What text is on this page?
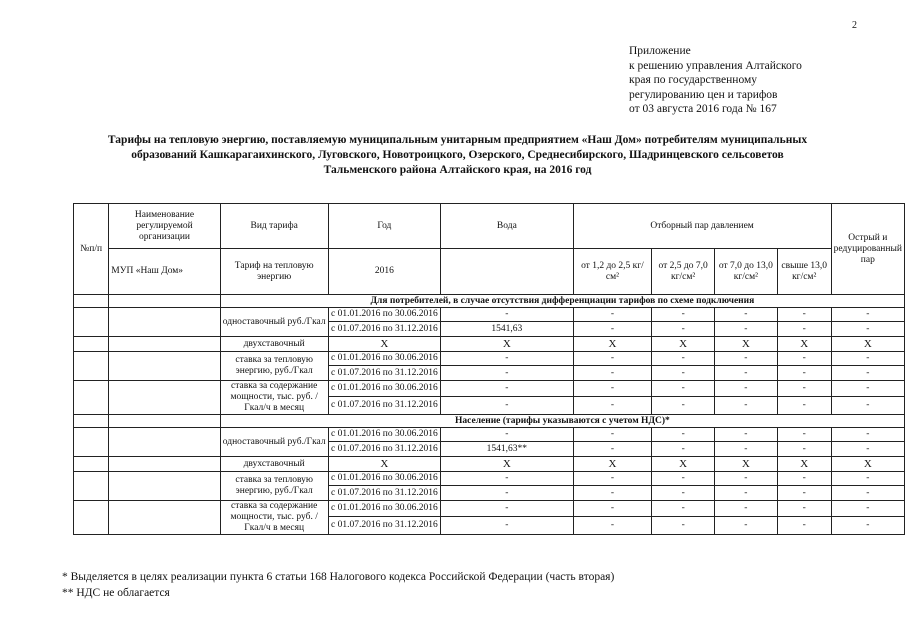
2
Приложение
к решению управления Алтайского
края по государственному
регулированию цен и тарифов
от 03 августа 2016 года № 167
Тарифы на тепловую энергию, поставляемую муниципальным унитарным предприятием «Наш Дом» потребителям муниципальных
образований Кашкарагаихинского, Луговского, Новотроицкого, Озерского, Среднесибирского, Шадринцевского сельсоветов
Тальменского района Алтайского края, на 2016 год
№п/п	Наименование регулируемой организации	Вид тарифа	Год	Вода	Отборный пар давлением				Острый и редуцированный пар
	МУП «Наш Дом»	Тариф на тепловую энергию	2016		от 1,2 до 2,5 кг/см²	от 2,5 до 7,0 кг/см²	от 7,0 до 13,0 кг/см²	свыше 13,0 кг/см²	
		Для потребителей, в случае отсутствия дифференциации тарифов по схеме подключения							
		одноставочный руб./Гкал	с 01.01.2016 по 30.06.2016	-	-	-	-	-	-
			с 01.07.2016 по 31.12.2016	1541,63	-	-	-	-	-
		двухставочный	Х	Х	Х	Х	Х	Х	Х
		ставка за тепловую энергию, руб./Гкал	с 01.01.2016 по 30.06.2016	-	-	-	-	-	-
			с 01.07.2016 по 31.12.2016	-	-	-	-	-	-
		ставка за содержание мощности, тыс. руб. /Гкал/ч в месяц	с 01.01.2016 по 30.06.2016	-	-	-	-	-	-
			с 01.07.2016 по 31.12.2016	-	-	-	-	-	-
		Население (тарифы указываются с учетом НДС)*							
		одноставочный руб./Гкал	с 01.01.2016 по 30.06.2016	-	-	-	-	-	-
			с 01.07.2016 по 31.12.2016	1541,63**	-	-	-	-	-
		двухставочный	Х	Х	Х	Х	Х	Х	Х
		ставка за тепловую энергию, руб./Гкал	с 01.01.2016 по 30.06.2016	-	-	-	-	-	-
			с 01.07.2016 по 31.12.2016	-	-	-	-	-	-
		ставка за содержание мощности, тыс. руб. /Гкал/ч в месяц	с 01.01.2016 по 30.06.2016	-	-	-	-	-	-
			с 01.07.2016 по 31.12.2016	-	-	-	-	-	-
* Выделяется в целях реализации пункта 6 статьи 168 Налогового кодекса Российской Федерации (часть вторая)
** НДС не облагается
